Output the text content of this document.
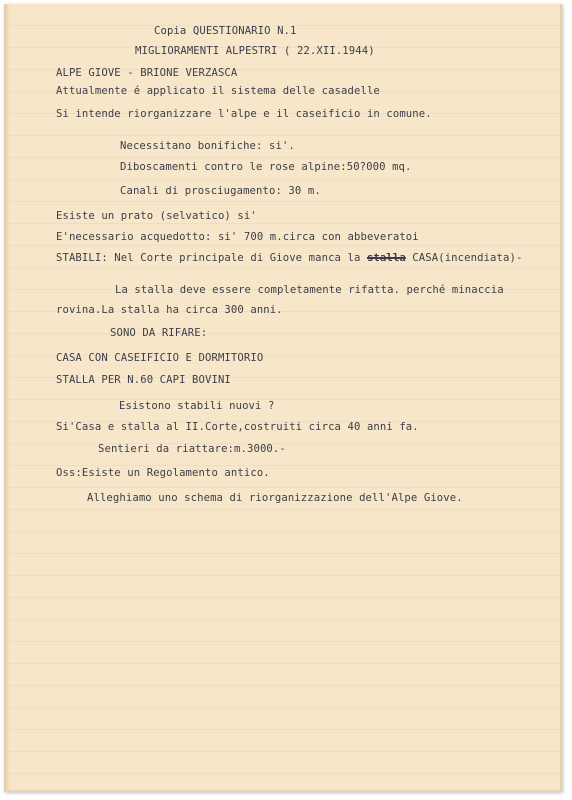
Copia QUESTIONARIO N.1
MIGLIORAMENTI ALPESTRI ( 22.XII.1944)
ALPE GIOVE - BRIONE VERZASCA
Attualmente é applicato il sistema delle casadelle
Si intende riorganizzare l'alpe e il caseificio in comune.
Necessitano bonifiche: si'.
Diboscamenti contro le rose alpine:50?000 mq.
Canali di prosciugamento: 30 m.
Esiste un prato (selvatico) si'
E'necessario acquedotto: si' 700 m.circa con abbeveratoi
STABILI: Nel Corte principale di Giove manca la stalla CASA(incendiata)-
La stalla deve essere completamente rifatta. perché minaccia
rovina.La stalla ha circa 300 anni.
SONO DA RIFARE:
CASA CON CASEIFICIO E DORMITORIO
STALLA PER N.60 CAPI BOVINI
Esistono stabili nuovi ?
Si'Casa e stalla al II.Corte,costruiti circa 40 anni fa.
Sentieri da riattare:m.3000.-
Oss:Esiste un Regolamento antico.
Alleghiamo uno schema di riorganizzazione dell'Alpe Giove.
